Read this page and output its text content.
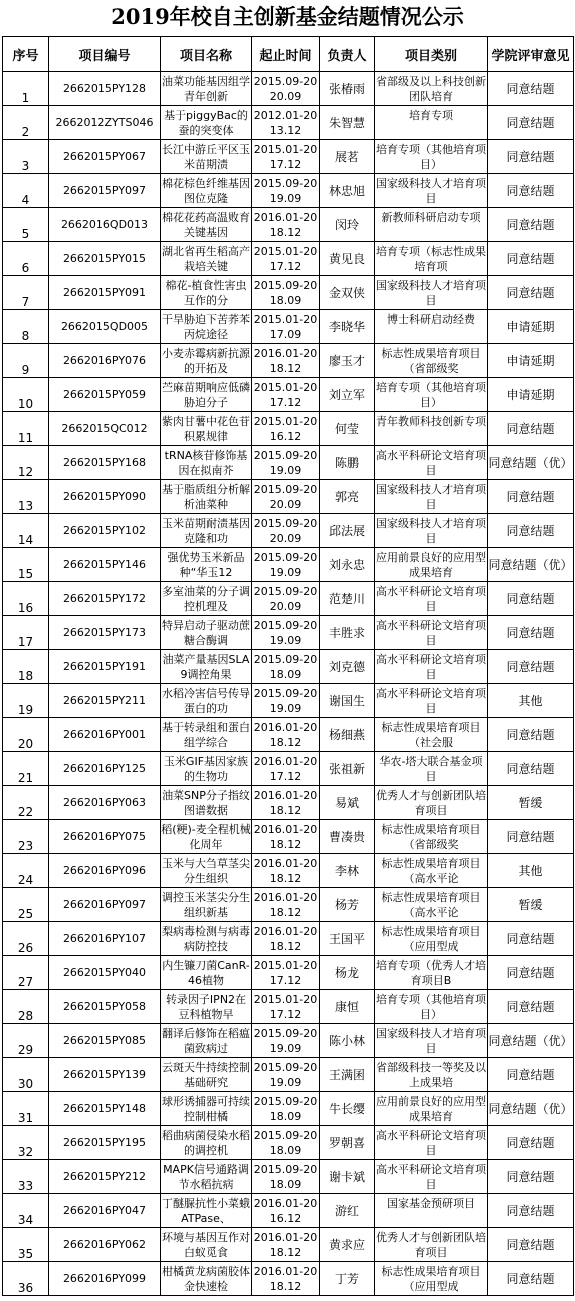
2019年校自主创新基金结题情况公示
序号	项目编号	项目名称	起止时间	负责人	项目类别	学院评审意见
1	2662015PY128	油菜功能基因组学青年创新	2015.09-2020.09	张椿雨	省部级及以上科技创新团队培育	同意结题
2	2662012ZYTS046	基于piggyBac的蚕的突变体	2012.01-2013.12	朱智慧	培育专项	同意结题
3	2662015PY067	长江中游丘平区玉米苗期渍	2015.01-2017.12	展茗	培育专项（其他培育项目）	同意结题
4	2662015PY097	棉花棕色纤维基因图位克隆	2015.09-2019.09	林忠旭	国家级科技人才培育项目	同意结题
5	2662016QD013	棉花花药高温败育关键基因	2016.01-2018.12	闵玲	新教师科研启动专项	同意结题
6	2662015PY015	湖北省再生稻高产栽培关键	2015.01-2017.12	黄见良	培育专项（标志性成果培育项	同意结题
7	2662015PY091	棉花-植食性害虫互作的分	2015.09-2018.09	金双侠	国家级科技人才培育项目	同意结题
8	2662015QD005	干旱胁迫下苦荞苯丙烷途径	2015.01-2017.09	李晓华	博士科研启动经费	申请延期
9	2662016PY076	小麦赤霉病新抗源的开拓及	2016.01-2018.12	廖玉才	标志性成果培育项目（省部级奖	申请延期
10	2662015PY059	苎麻苗期响应低磷胁迫分子	2015.01-2017.12	刘立军	培育专项（其他培育项目）	申请延期
11	2662015QC012	紫肉甘薯中花色苷积累规律	2015.01-2016.12	何莹	青年教师科技创新专项	同意结题
12	2662015PY168	tRNA核苷修饰基因在拟南芥	2015.09-2019.09	陈鹏	高水平科研论文培育项目	同意结题（优）
13	2662015PY090	基于脂质组分析解析油菜种	2015.09-2020.09	郭亮	国家级科技人才培育项目	同意结题
14	2662015PY102	玉米苗期耐渍基因克隆和功	2015.09-2020.09	邱法展	国家级科技人才培育项目	同意结题
15	2662015PY146	强优势玉米新品种“华玉12	2015.09-2019.09	刘永忠	应用前景良好的应用型成果培育	同意结题（优）
16	2662015PY172	多室油菜的分子调控机理及	2015.09-2020.09	范楚川	高水平科研论文培育项目	同意结题
17	2662015PY173	特异启动子驱动蔗糖合酶调	2015.09-2019.09	丰胜求	高水平科研论文培育项目	同意结题
18	2662015PY191	油菜产量基因SLA9调控角果	2015.09-2018.09	刘克德	高水平科研论文培育项目	同意结题
19	2662015PY211	水稻冷害信号传导蛋白的功	2015.09-2019.09	谢国生	高水平科研论文培育项目	其他
20	2662016PY001	基于转录组和蛋白组学综合	2016.01-2018.12	杨细燕	标志性成果培育项目（社会服	同意结题
21	2662016PY125	玉米GIF基因家族的生物功	2016.01-2017.12	张祖新	华农-塔大联合基金项目	同意结题
22	2662016PY063	油菜SNP分子指纹图谱数据	2016.01-2018.12	易斌	优秀人才与创新团队培育项目	暂缓
23	2662016PY075	稻(粳)-麦全程机械化周年	2016.01-2018.12	曹凑贵	标志性成果培育项目（省部级奖	同意结题
24	2662016PY096	玉米与大刍草茎尖分生组织	2016.01-2018.12	李林	标志性成果培育项目（高水平论	其他
25	2662016PY097	调控玉米茎尖分生组织新基	2016.01-2018.12	杨芳	标志性成果培育项目（高水平论	暂缓
26	2662016PY107	梨病毒检测与病毒病防控技	2016.01-2018.12	王国平	标志性成果培育项目（应用型成	同意结题
27	2662015PY040	内生镰刀菌CanR-46植物	2015.01-2017.12	杨龙	培育专项（优秀人才培育项目B	同意结题
28	2662015PY058	转录因子IPN2在豆科植物早	2015.01-2017.12	康恒	培育专项（其他培育项目）	同意结题
29	2662015PY085	翻译后修饰在稻瘟菌致病过	2015.09-2019.09	陈小林	国家级科技人才培育项目	同意结题（优）
30	2662015PY139	云斑天牛持续控制基础研究	2015.09-2019.09	王满囷	省部级科技一等奖及以上成果培	同意结题
31	2662015PY148	球形诱捕器可持续控制柑橘	2015.09-2018.09	牛长缨	应用前景良好的应用型成果培育	同意结题（优）
32	2662015PY195	稻曲病菌侵染水稻的调控机	2015.09-2018.09	罗朝喜	高水平科研论文培育项目	同意结题
33	2662015PY212	MAPK信号通路调节水稻抗病	2015.09-2018.09	谢卡斌	高水平科研论文培育项目	同意结题
34	2662016PY047	丁醚脲抗性小菜蛾ATPase、	2016.01-2016.12	游红	国家基金预研项目	同意结题
35	2662016PY062	环境与基因互作对白蚁觅食	2016.01-2018.12	黄求应	优秀人才与创新团队培育项目	同意结题
36	2662016PY099	柑橘黄龙病菌胶体金快速检	2016.01-2018.12	丁芳	标志性成果培育项目（应用型成	同意结题
